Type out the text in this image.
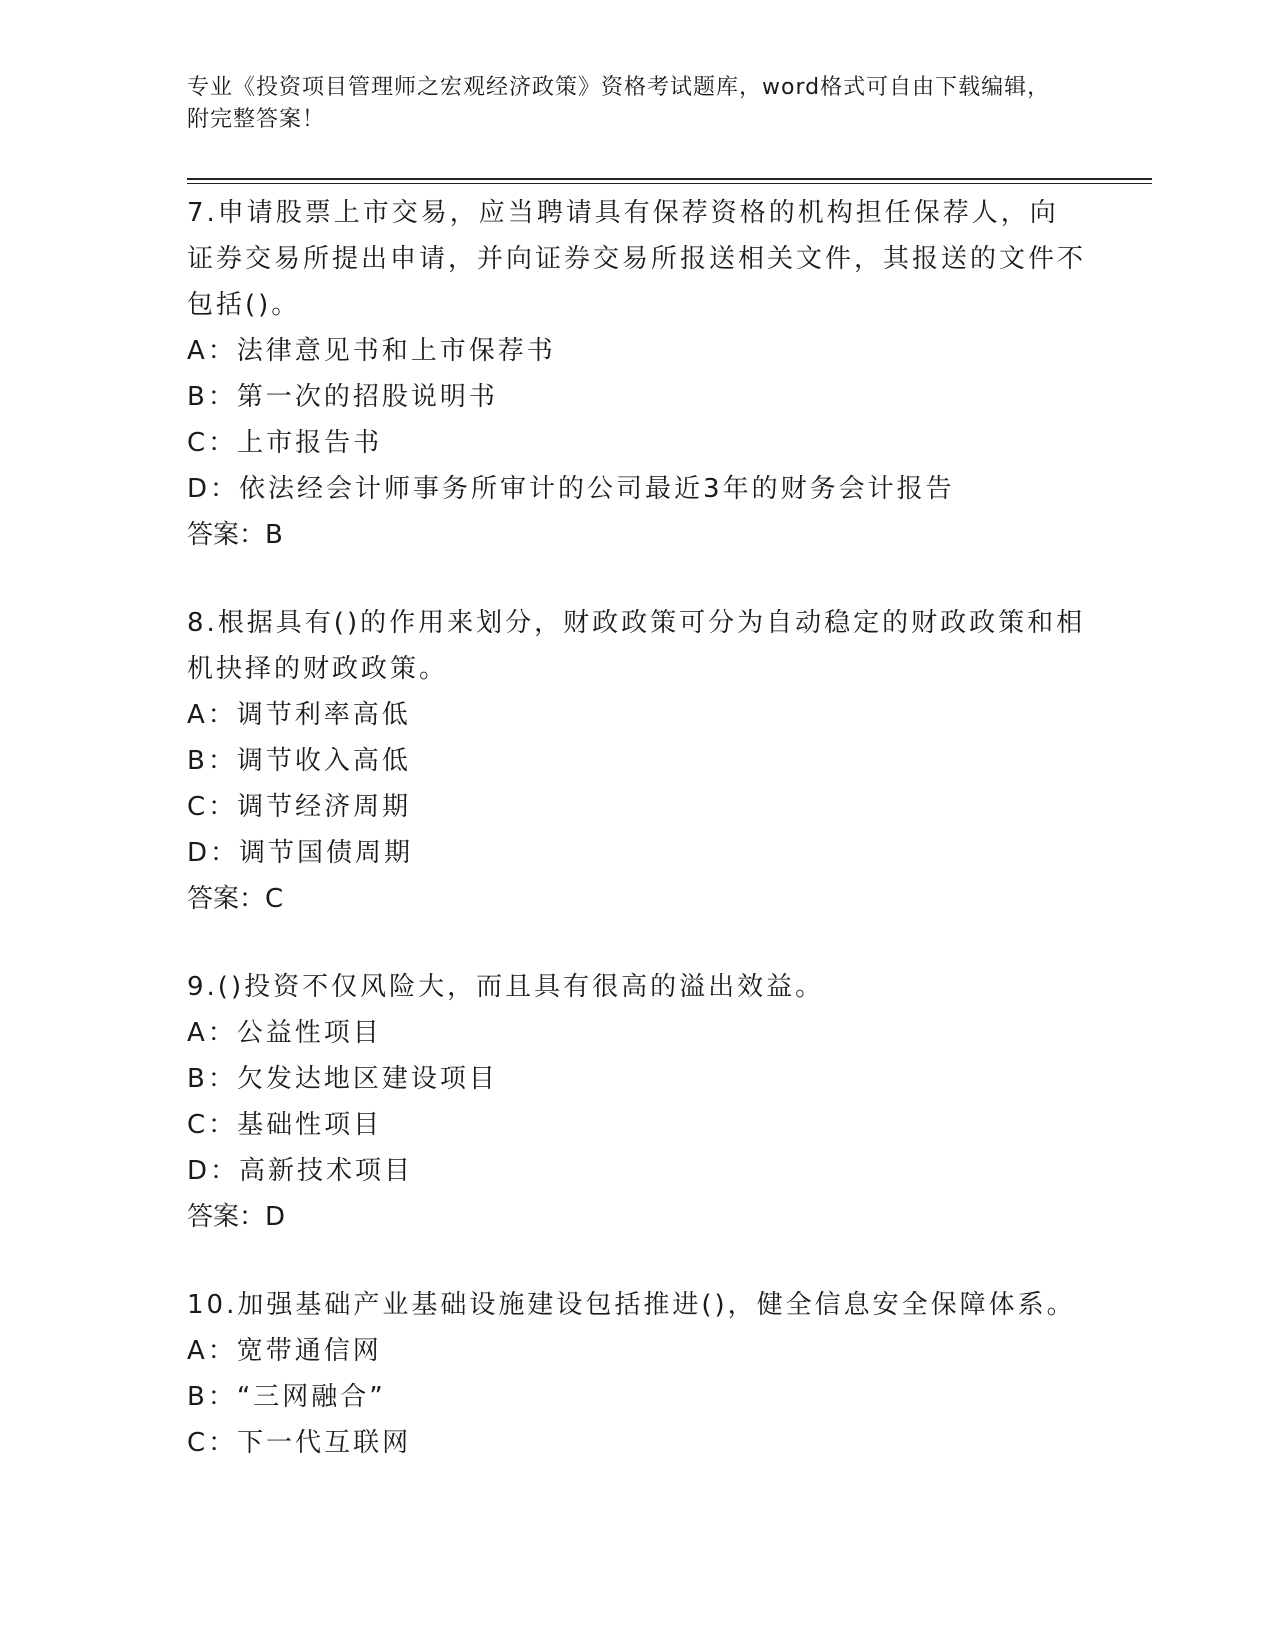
专业《投资项目管理师之宏观经济政策》资格考试题库，word格式可自由下载编辑，附完整答案！
7.申请股票上市交易，应当聘请具有保荐资格的机构担任保荐人，向证券交易所提出申请，并向证券交易所报送相关文件，其报送的文件不包括()。
A：法律意见书和上市保荐书
B：第一次的招股说明书
C：上市报告书
D：依法经会计师事务所审计的公司最近3年的财务会计报告
答案：B
8.根据具有()的作用来划分，财政政策可分为自动稳定的财政政策和相机抉择的财政政策。
A：调节利率高低
B：调节收入高低
C：调节经济周期
D：调节国债周期
答案：C
9.()投资不仅风险大，而且具有很高的溢出效益。
A：公益性项目
B：欠发达地区建设项目
C：基础性项目
D：高新技术项目
答案：D
10.加强基础产业基础设施建设包括推进()，健全信息安全保障体系。
A：宽带通信网
B：“三网融合”
C：下一代互联网
